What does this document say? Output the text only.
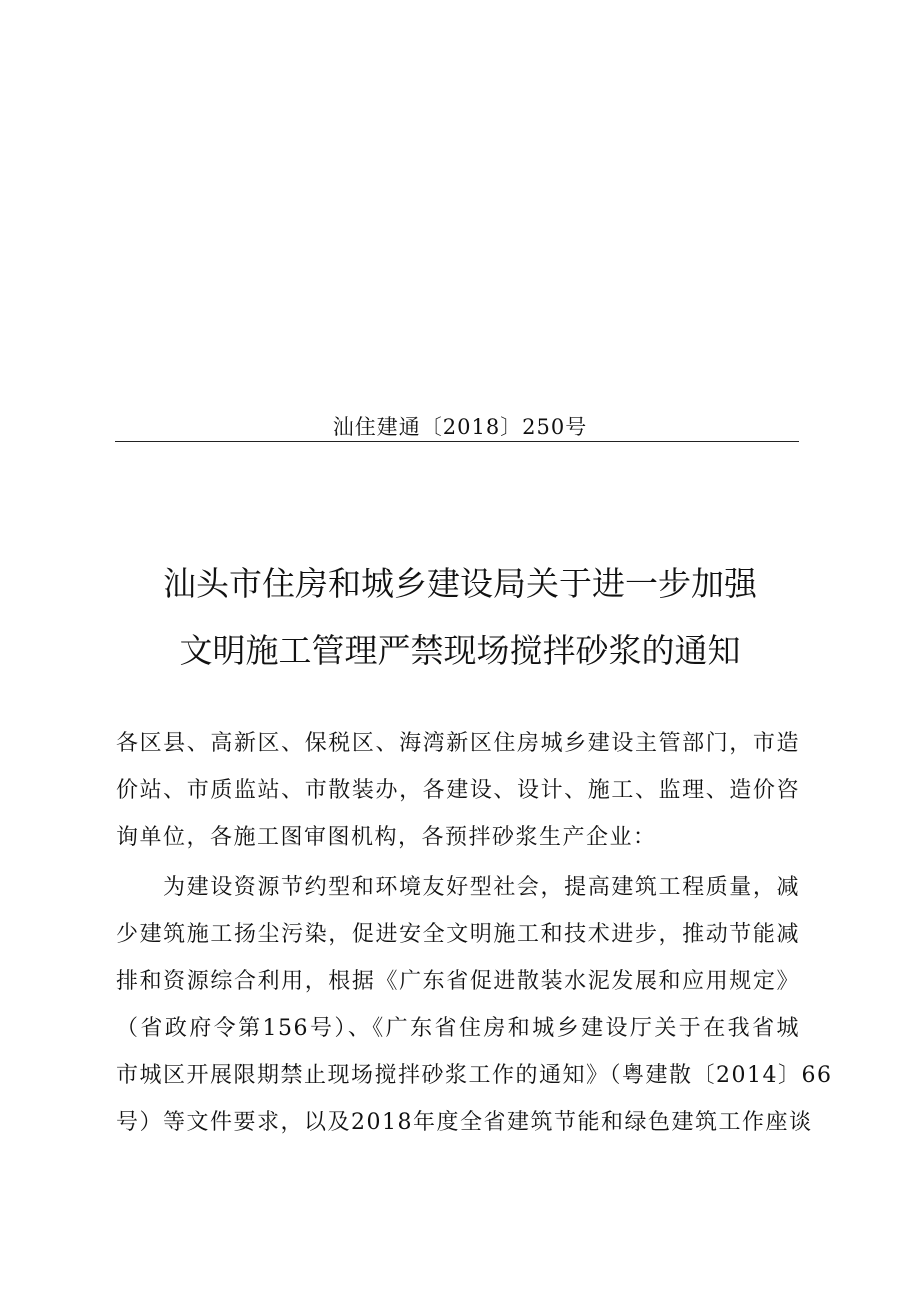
汕住建通〔2018〕250号
汕头市住房和城乡建设局关于进一步加强
文明施工管理严禁现场搅拌砂浆的通知
各区县、高新区、保税区、海湾新区住房城乡建设主管部门，市造
价站、市质监站、市散装办，各建设、设计、施工、监理、造价咨
询单位，各施工图审图机构，各预拌砂浆生产企业：
为建设资源节约型和环境友好型社会，提高建筑工程质量，减
少建筑施工扬尘污染，促进安全文明施工和技术进步，推动节能减
排和资源综合利用，根据《广东省促进散装水泥发展和应用规定》
（省政府令第156号）、《广东省住房和城乡建设厅关于在我省城
市城区开展限期禁止现场搅拌砂浆工作的通知》（粤建散〔2014〕66
号）等文件要求，以及2018年度全省建筑节能和绿色建筑工作座谈
